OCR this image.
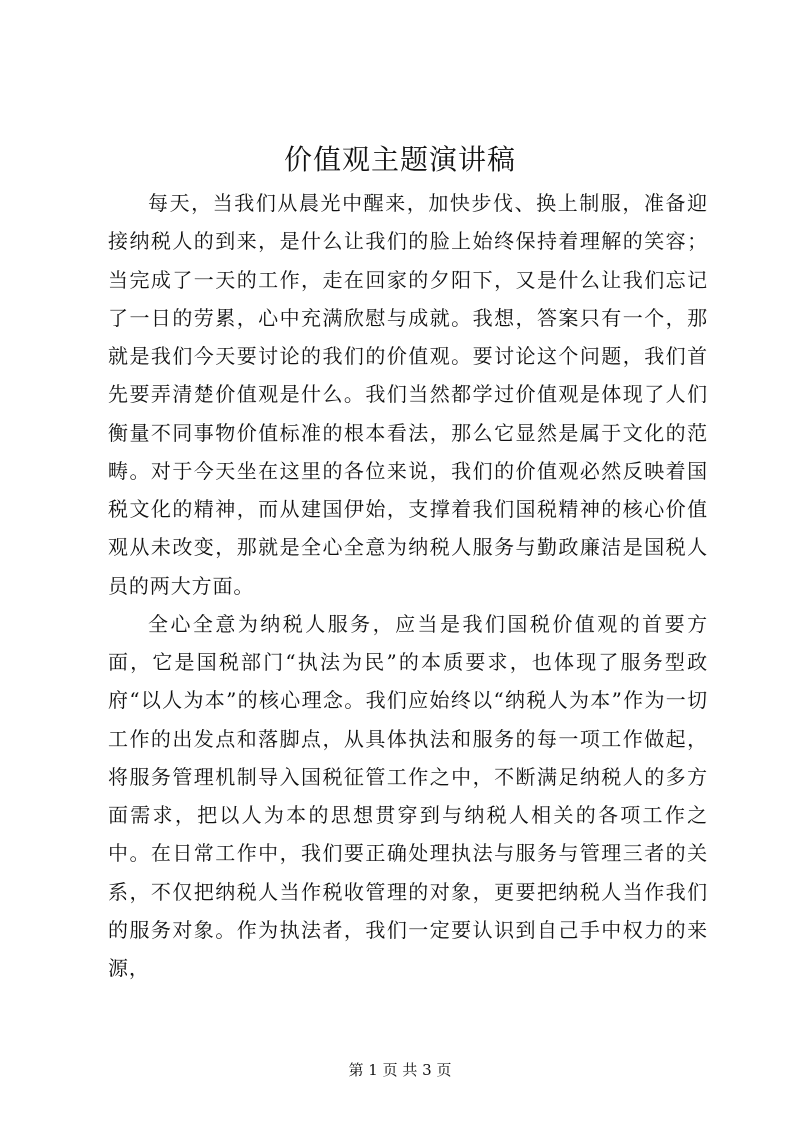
价值观主题演讲稿

每天，当我们从晨光中醒来，加快步伐、换上制服，准备迎接纳税人的到来，是什么让我们的脸上始终保持着理解的笑容；当完成了一天的工作，走在回家的夕阳下，又是什么让我们忘记了一日的劳累，心中充满欣慰与成就。我想，答案只有一个，那就是我们今天要讨论的我们的价值观。要讨论这个问题，我们首先要弄清楚价值观是什么。我们当然都学过价值观是体现了人们衡量不同事物价值标准的根本看法，那么它显然是属于文化的范畴。对于今天坐在这里的各位来说，我们的价值观必然反映着国税文化的精神，而从建国伊始，支撑着我们国税精神的核心价值观从未改变，那就是全心全意为纳税人服务与勤政廉洁是国税人员的两大方面。

全心全意为纳税人服务，应当是我们国税价值观的首要方面，它是国税部门“执法为民”的本质要求，也体现了服务型政府“以人为本”的核心理念。我们应始终以“纳税人为本”作为一切工作的出发点和落脚点，从具体执法和服务的每一项工作做起，将服务管理机制导入国税征管工作之中，不断满足纳税人的多方面需求，把以人为本的思想贯穿到与纳税人相关的各项工作之中。在日常工作中，我们要正确处理执法与服务与管理三者的关系，不仅把纳税人当作税收管理的对象，更要把纳税人当作我们的服务对象。作为执法者，我们一定要认识到自己手中权力的来源，

第 1 页 共 3 页
